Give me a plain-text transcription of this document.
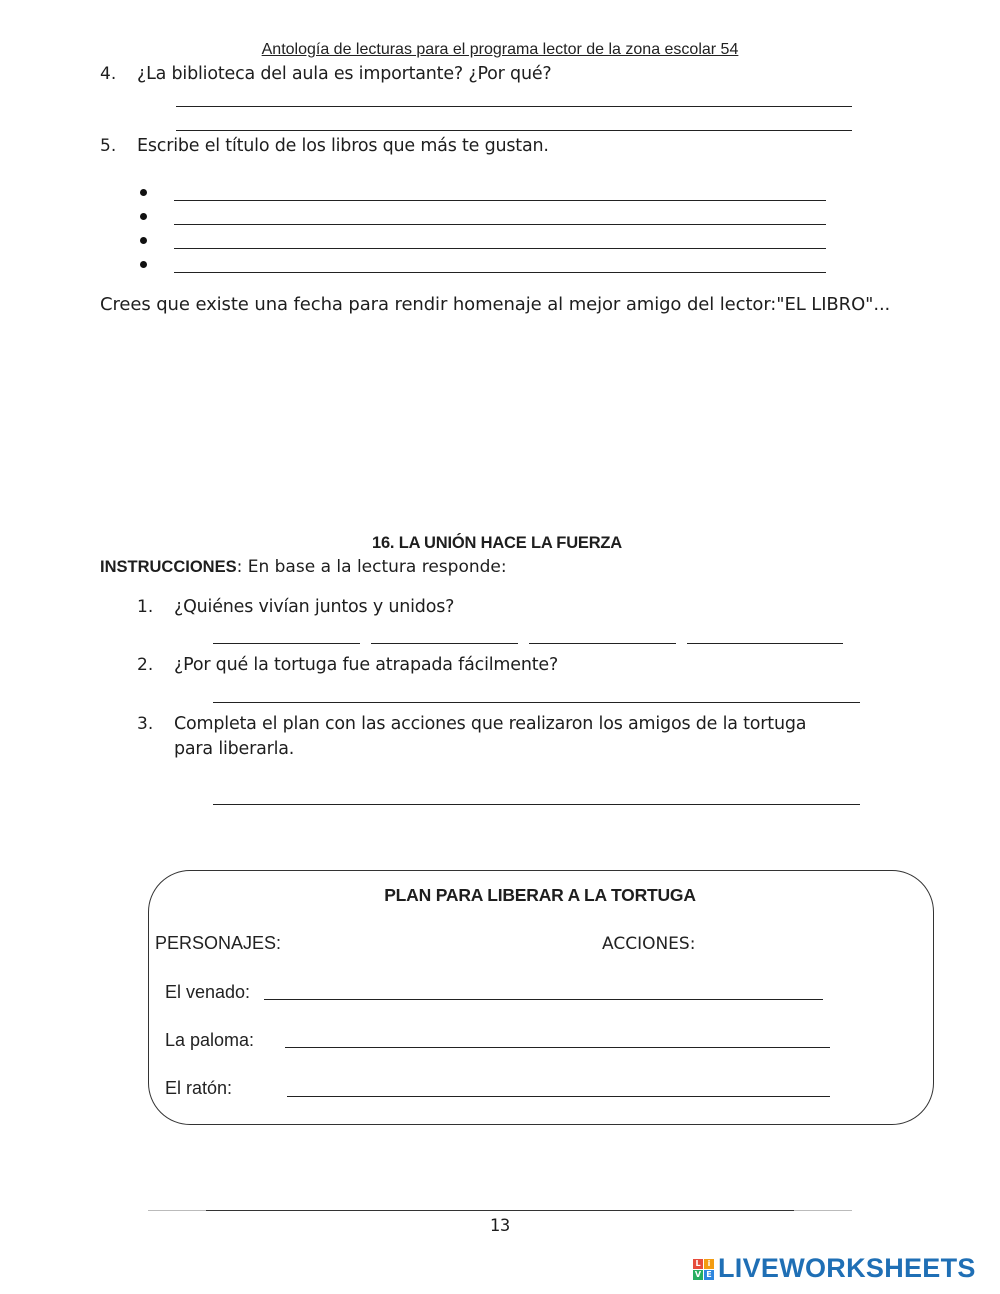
Antología de lecturas para el programa lector de la zona escolar 54
4. ¿La biblioteca del aula es importante? ¿Por qué?
5. Escribe el título de los libros que más te gustan.
Crees que existe una fecha para rendir homenaje al mejor amigo del lector:"EL LIBRO"...
16. LA UNIÓN HACE LA FUERZA
INSTRUCCIONES: En base a la lectura responde:
1. ¿Quiénes vivían juntos y unidos?
2. ¿Por qué la tortuga fue atrapada fácilmente?
3. Completa el plan con las acciones que realizaron los amigos de la tortuga
para liberarla.
PLAN PARA LIBERAR A LA TORTUGA
PERSONAJES:	ACCIONES:
El venado:
La paloma:
El ratón:
13
L i
V E LIVEWORKSHEETS
